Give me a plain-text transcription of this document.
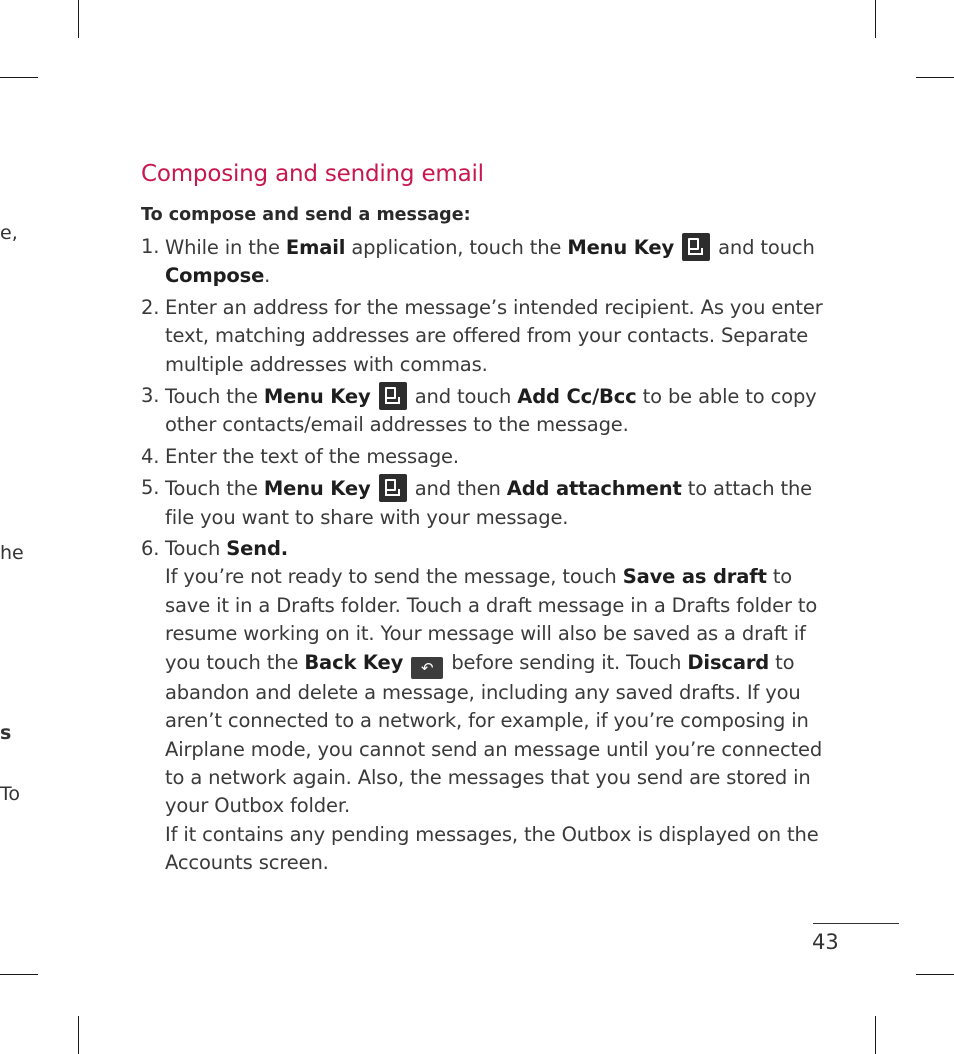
e,
he
s
To
Composing and sending email

To compose and send a message:

1. While in the Email application, touch the Menu Key  and touch Compose.
2. Enter an address for the message’s intended recipient. As you enter text, matching addresses are offered from your contacts. Separate multiple addresses with commas.
3. Touch the Menu Key  and touch Add Cc/Bcc to be able to copy other contacts/email addresses to the message.
4. Enter the text of the message.
5. Touch the Menu Key  and then Add attachment to attach the file you want to share with your message.
6. Touch Send.
If you’re not ready to send the message, touch Save as draft to save it in a Drafts folder. Touch a draft message in a Drafts folder to resume working on it. Your message will also be saved as a draft if you touch the Back Key ↶ before sending it. Touch Discard to abandon and delete a message, including any saved drafts. If you aren’t connected to a network, for example, if you’re composing in Airplane mode, you cannot send an message until you’re connected to a network again. Also, the messages that you send are stored in your Outbox folder.
If it contains any pending messages, the Outbox is displayed on the Accounts screen.
43
